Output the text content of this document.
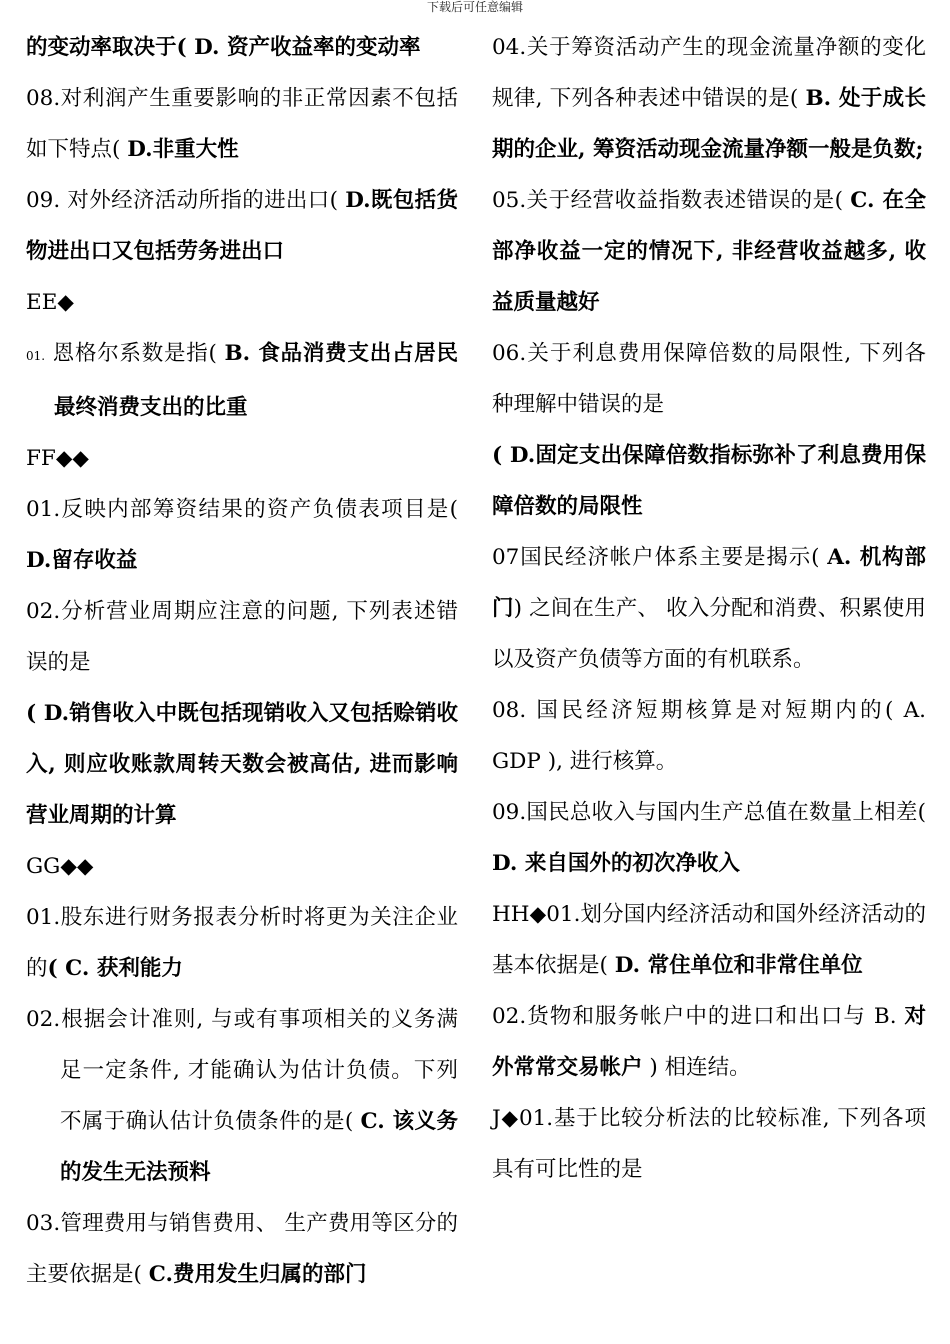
下载后可任意编辑

的变动率取决于( D. 资产收益率的变动率

08.对利润产生重要影响的非正常因素不包括如下特点( D.非重大性

09. 对外经济活动所指的进出口( D.既包括货物进出口又包括劳务进出口

EE◆

01. 恩格尔系数是指( B. 食品消费支出占居民最终消费支出的比重

FF◆◆

01.反映内部筹资结果的资产负债表项目是( D.留存收益

02.分析营业周期应注意的问题, 下列表述错误的是

( D.销售收入中既包括现销收入又包括赊销收入, 则应收账款周转天数会被高估, 进而影响营业周期的计算

GG◆◆

01.股东进行财务报表分析时将更为关注企业的( C. 获利能力

02.根据会计准则, 与或有事项相关的义务满足一定条件, 才能确认为估计负债。下列不属于确认估计负债条件的是( C. 该义务的发生无法预料

03.管理费用与销售费用、 生产费用等区分的主要依据是( C.费用发生归属的部门

04.关于筹资活动产生的现金流量净额的变化规律, 下列各种表述中错误的是( B. 处于成长期的企业, 筹资活动现金流量净额一般是负数;

05.关于经营收益指数表述错误的是( C. 在全部净收益一定的情况下, 非经营收益越多, 收益质量越好

06.关于利息费用保障倍数的局限性, 下列各种理解中错误的是

( D.固定支出保障倍数指标弥补了利息费用保障倍数的局限性

07国民经济帐户体系主要是揭示( A. 机构部门) 之间在生产、 收入分配和消费、积累使用以及资产负债等方面的有机联系。

08. 国民经济短期核算是对短期内的( A. GDP ), 进行核算。

09.国民总收入与国内生产总值在数量上相差( D. 来自国外的初次净收入

HH◆01.划分国内经济活动和国外经济活动的基本依据是( D. 常住单位和非常住单位

02.货物和服务帐户中的进口和出口与 B. 对外常常交易帐户 ) 相连结。

J◆01.基于比较分析法的比较标准, 下列各项具有可比性的是
